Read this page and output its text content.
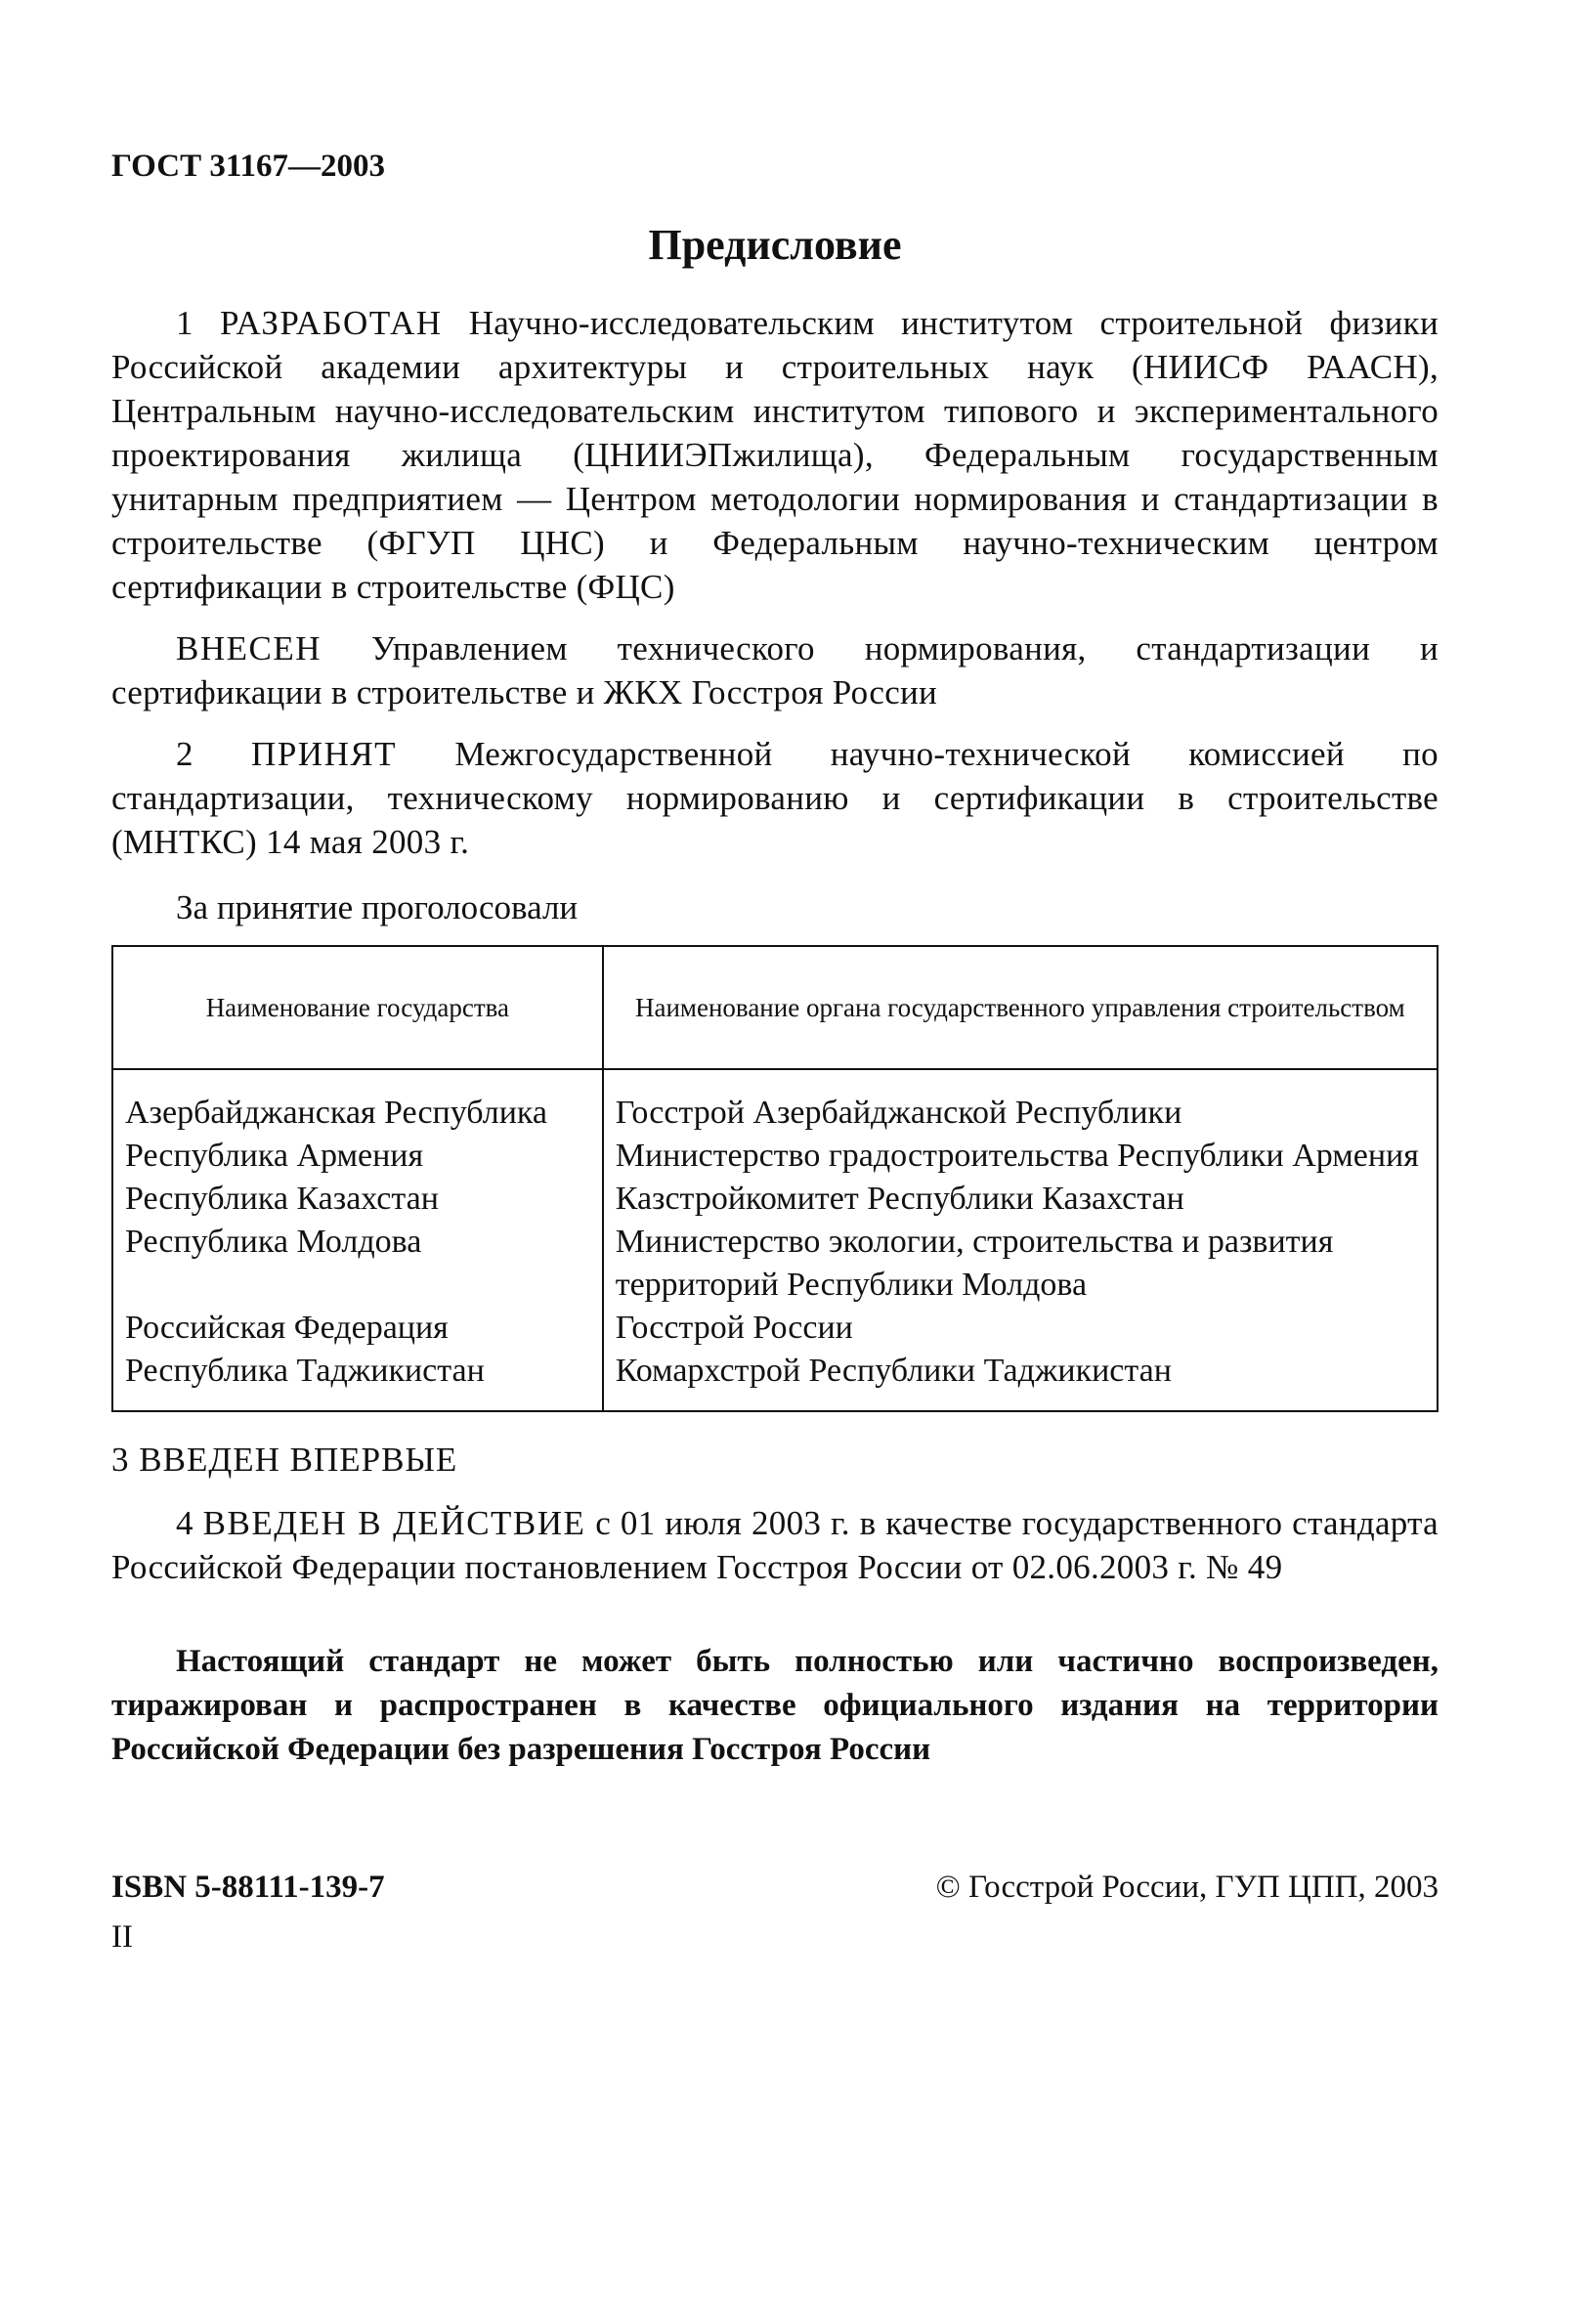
ГОСТ 31167—2003

Предисловие

1 РАЗРАБОТАН Научно-исследовательским институтом строительной физики Российской академии архитектуры и строительных наук (НИИСФ РААСН), Центральным научно-исследовательским институтом типового и экспериментального проектирования жилища (ЦНИИЭПжилища), Федеральным государственным унитарным предприятием — Центром методологии нормирования и стандартизации в строительстве (ФГУП ЦНС) и Федеральным научно-техническим центром сертификации в строительстве (ФЦС)

ВНЕСЕН Управлением технического нормирования, стандартизации и сертификации в строительстве и ЖКХ Госстроя России

2 ПРИНЯТ Межгосударственной научно-технической комиссией по стандартизации, техническому нормированию и сертификации в строительстве (МНТКС) 14 мая 2003 г.

За принятие проголосовали

Наименование государства	Наименование органа государственного управления строительством
Азербайджанская Республика	Госстрой Азербайджанской Республики
Республика Армения	Министерство градостроительства Республики Армения
Республика Казахстан	Казстройкомитет Республики Казахстан
Республика Молдова	Министерство экологии, строительства и развития территорий Республики Молдова
Российская Федерация	Госстрой России
Республика Таджикистан	Комархстрой Республики Таджикистан

3 ВВЕДЕН ВПЕРВЫЕ

4 ВВЕДЕН В ДЕЙСТВИЕ с 01 июля 2003 г. в качестве государственного стандарта Российской Федерации постановлением Госстроя России от 02.06.2003 г. № 49

Настоящий стандарт не может быть полностью или частично воспроизведен, тиражирован и распространен в качестве официального издания на территории Российской Федерации без разрешения Госстроя России

ISBN 5-88111-139-7	© Госстрой России, ГУП ЦПП, 2003
II
